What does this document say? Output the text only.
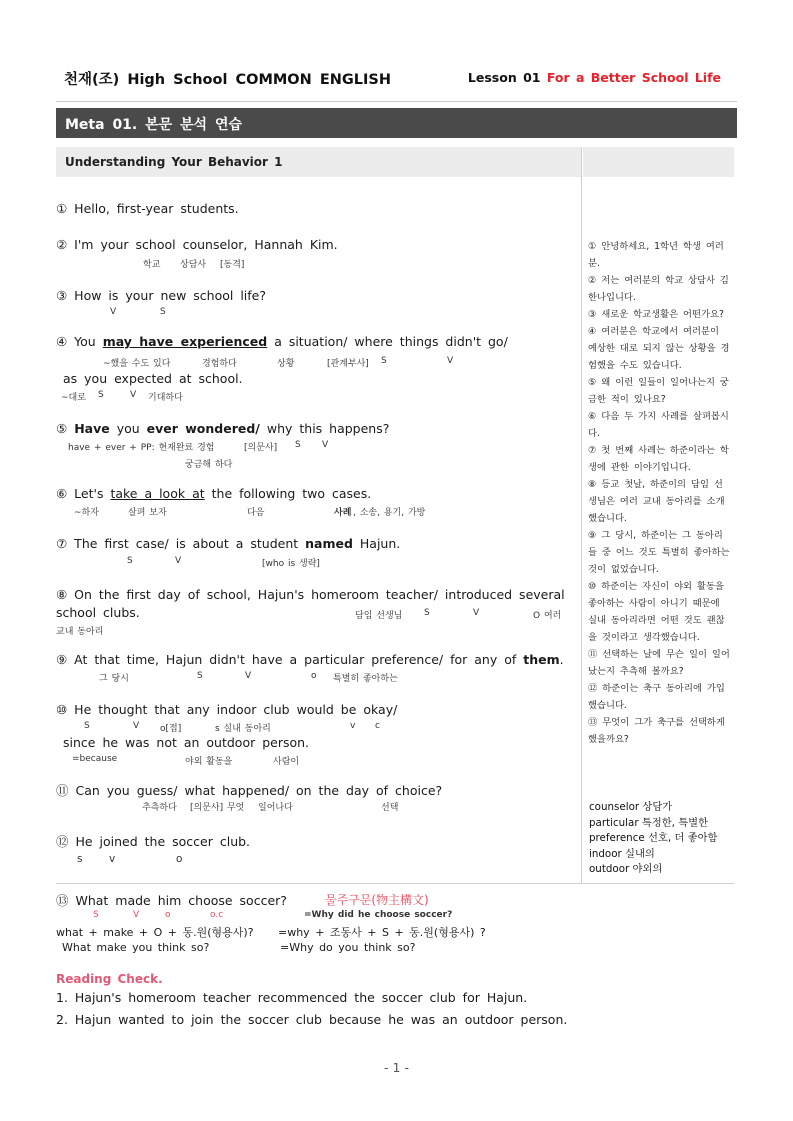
천재(조) High School COMMON ENGLISH	Lesson 01 For a Better School Life
Meta 01. 본문 분석 연습
Understanding Your Behavior 1
① Hello, first-year students.
② I'm your school counselor, Hannah Kim.
학교 상담사 [동격]
③ How is your new school life?
V	S
④ You may have experienced a situation/ where things didn't go/
~했을 수도 있다	경험하다	상황	[관계부사] S	V
as you expected at school.
~대로 S	V 기대하다
⑤ Have you ever wondered/ why this happens?
have + ever + PP: 현재완료 경험	[의문사] S V
궁금해 하다
⑥ Let's take a look at the following two cases.
~하자	살펴 보자	다음	사례 , 소송, 용기, 가방
⑦ The first case/ is about a student named Hajun.
S	V	[who is 생략]
⑧ On the first day of school, Hajun's homeroom teacher/ introduced several
school clubs.	담임 선생님 S	V	O 여러
교내 동아리
⑨ At that time, Hajun didn't have a particular preference/ for any of them.
그 당시	S	V	o 특별히 좋아하는
⑩ He thought that any indoor club would be okay/
S	V o[접]	s 실내 동아리	v c
since he was not an outdoor person.
=because	야외 활동을	사람이
⑪ Can you guess/ what happened/ on the day of choice?
추측하다 [의문사] 무엇 일어나다	선택
⑫ He joined the soccer club.
s	v	o
⑬ What made him choose soccer?	물주구문(物主構文)
S	V	o	o.c	=Why did he choose soccer?
what + make + O + 동.원(형용사)? =why + 조동사 + S + 동.원(형용사) ?
What make you think so?	=Why do you think so?
① 안녕하세요, 1학년 학생 여러분.
② 저는 여러분의 학교 상담사 김한나입니다.
③ 새로운 학교생활은 어떤가요?
④ 여러분은 학교에서 여러분이 예상한 대로 되지 않는 상황을 경험했을 수도 있습니다.
⑤ 왜 이런 일들이 일어나는지 궁금한 적이 있나요?
⑥ 다음 두 가지 사례를 살펴봅시다.
⑦ 첫 번째 사례는 하준이라는 학생에 관한 이야기입니다.
⑧ 등교 첫날, 하준이의 담임 선생님은 여러 교내 동아리를 소개했습니다.
⑨ 그 당시, 하준이는 그 동아리들 중 어느 것도 특별히 좋아하는 것이 없었습니다.
⑩ 하준이는 자신이 야외 활동을 좋아하는 사람이 아니기 때문에 실내 동아리라면 어떤 것도 괜찮을 것이라고 생각했습니다.
⑪ 선택하는 날에 무슨 일이 일어났는지 추측해 볼까요?
⑫ 하준이는 축구 동아리에 가입했습니다.
⑬ 무엇이 그가 축구를 선택하게 했을까요?
counselor 상담가
particular 특정한, 특별한
preference 선호, 더 좋아함
indoor 실내의
outdoor 야외의
Reading Check.
1. Hajun's homeroom teacher recommenced the soccer club for Hajun.
2. Hajun wanted to join the soccer club because he was an outdoor person.
- 1 -
